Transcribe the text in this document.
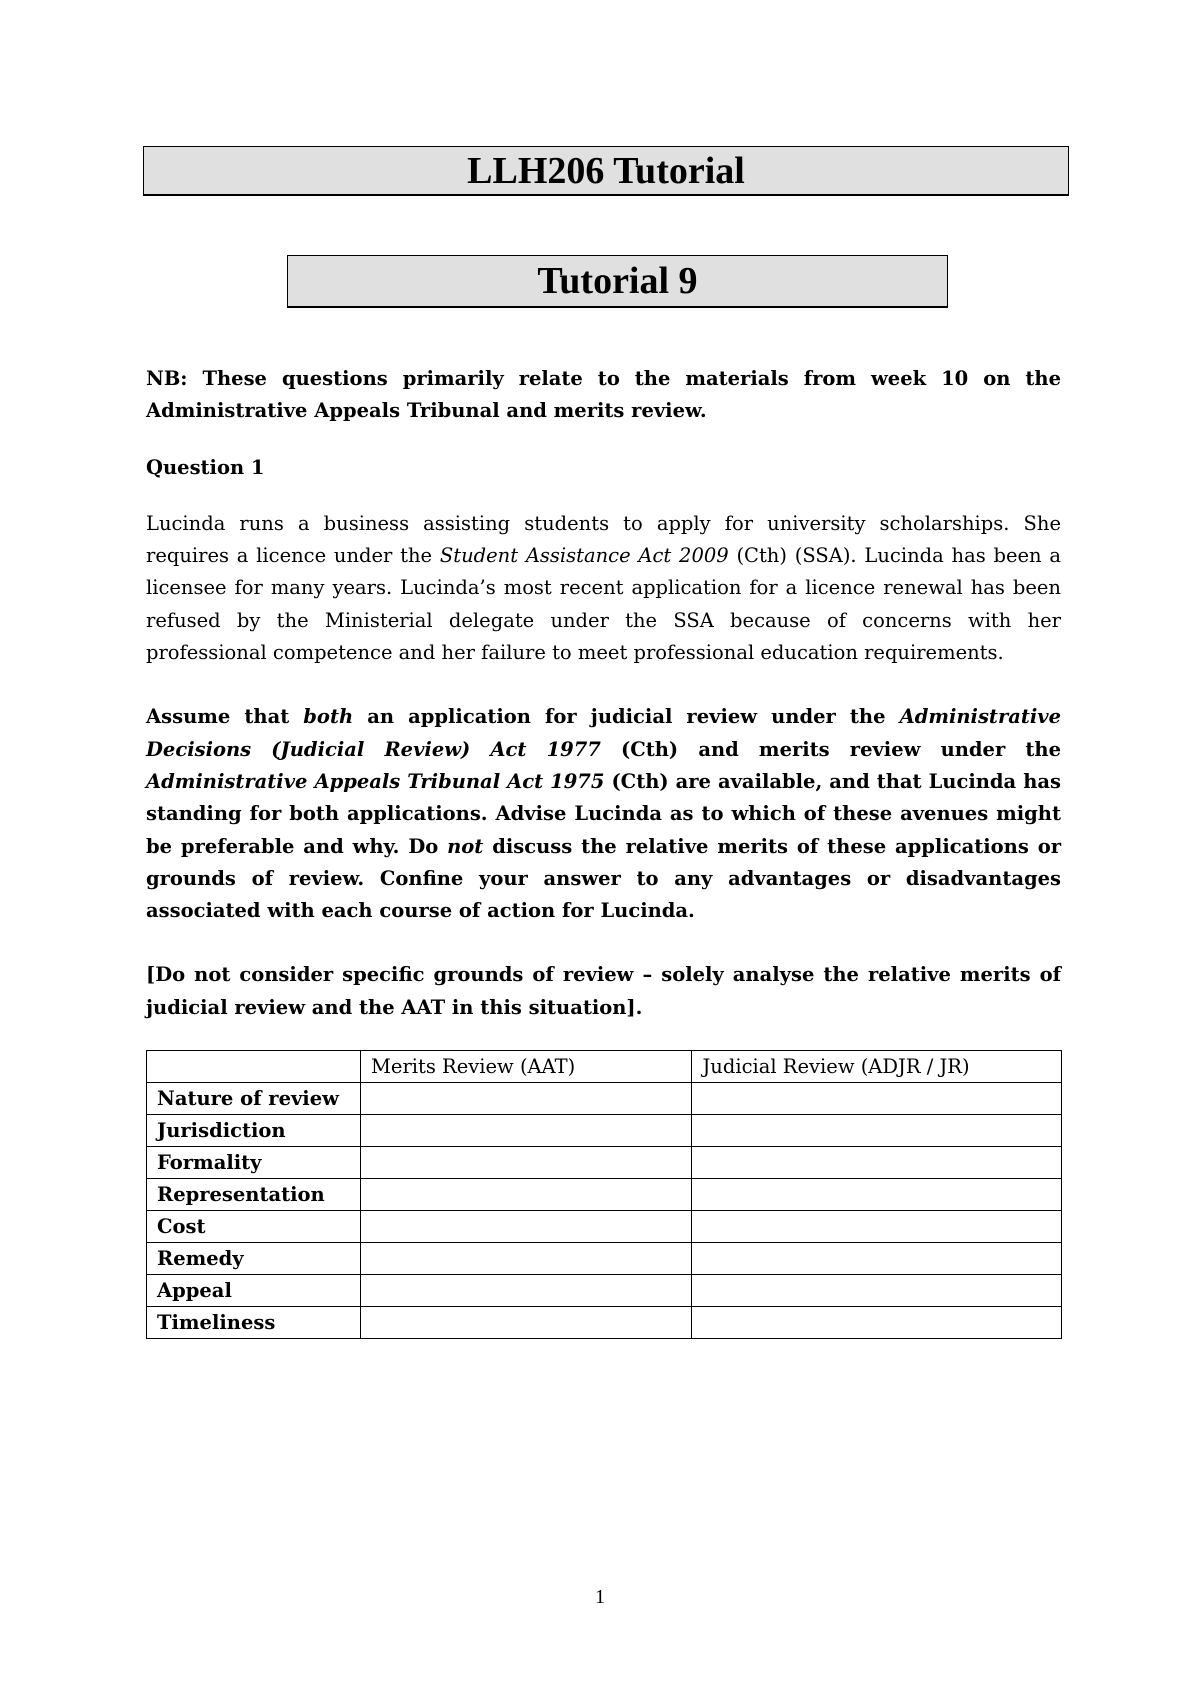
LLH206 Tutorial
Tutorial 9

NB: These questions primarily relate to the materials from week 10 on the Administrative Appeals Tribunal and merits review.

Question 1

Lucinda runs a business assisting students to apply for university scholarships. She requires a licence under the Student Assistance Act 2009 (Cth) (SSA). Lucinda has been a licensee for many years. Lucinda’s most recent application for a licence renewal has been refused by the Ministerial delegate under the SSA because of concerns with her professional competence and her failure to meet professional education requirements.

Assume that both an application for judicial review under the Administrative Decisions (Judicial Review) Act 1977 (Cth) and merits review under the Administrative Appeals Tribunal Act 1975 (Cth) are available, and that Lucinda has standing for both applications. Advise Lucinda as to which of these avenues might be preferable and why. Do not discuss the relative merits of these applications or grounds of review. Confine your answer to any advantages or disadvantages associated with each course of action for Lucinda.

[Do not consider specific grounds of review – solely analyse the relative merits of judicial review and the AAT in this situation].

	Merits Review (AAT)	Judicial Review (ADJR / JR)
Nature of review		
Jurisdiction		
Formality		
Representation		
Cost		
Remedy		
Appeal		
Timeliness		
1
